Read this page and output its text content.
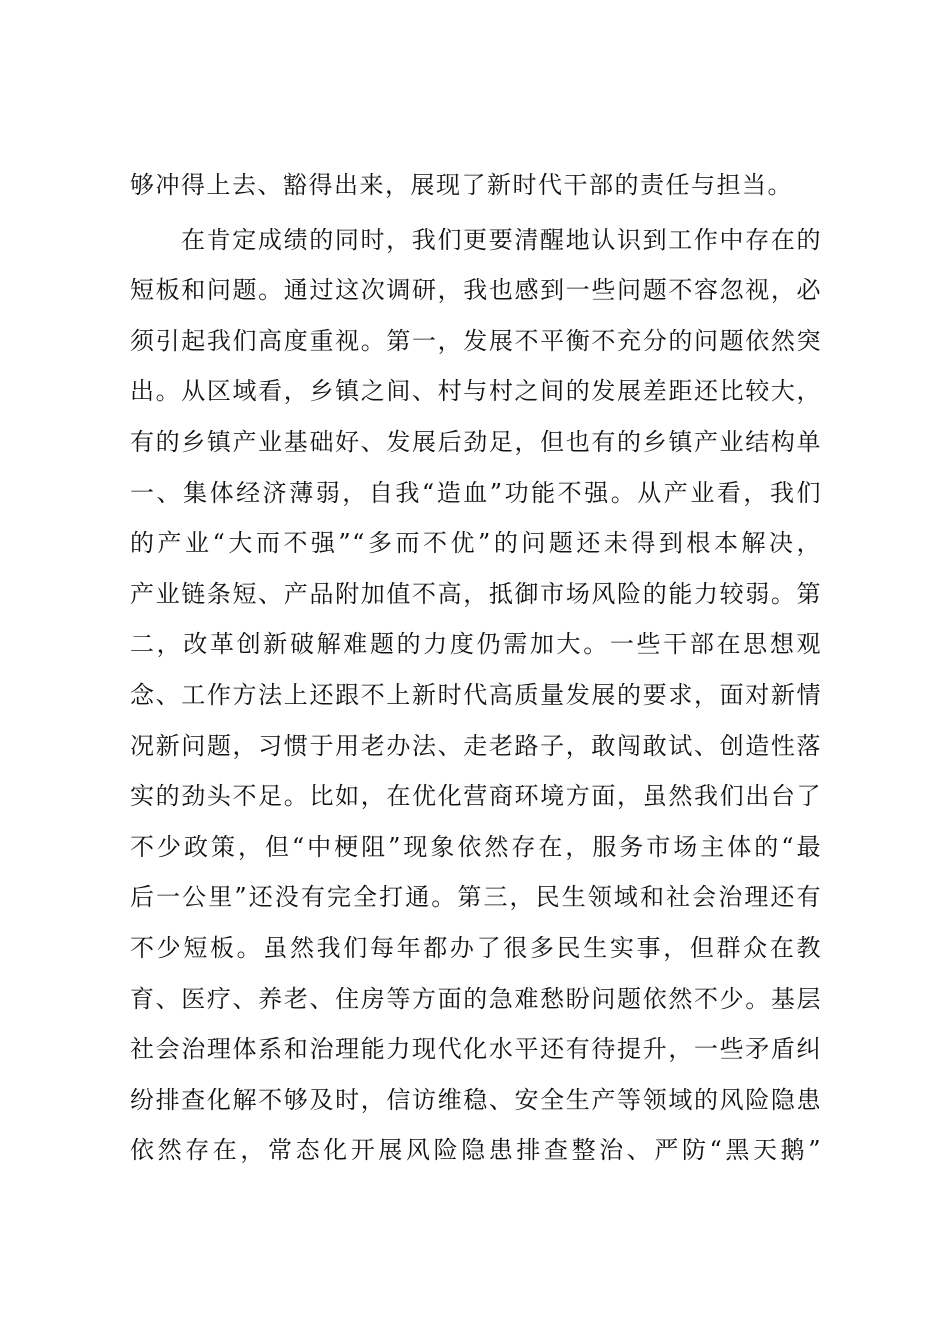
够冲得上去、豁得出来，展现了新时代干部的责任与担当。
在肯定成绩的同时，我们更要清醒地认识到工作中存在的
短板和问题。通过这次调研，我也感到一些问题不容忽视，必
须引起我们高度重视。第一，发展不平衡不充分的问题依然突
出。从区域看，乡镇之间、村与村之间的发展差距还比较大，
有的乡镇产业基础好、发展后劲足，但也有的乡镇产业结构单
一、集体经济薄弱，自我“造血”功能不强。从产业看，我们
的产业“大而不强”“多而不优”的问题还未得到根本解决，
产业链条短、产品附加值不高，抵御市场风险的能力较弱。第
二，改革创新破解难题的力度仍需加大。一些干部在思想观
念、工作方法上还跟不上新时代高质量发展的要求，面对新情
况新问题，习惯于用老办法、走老路子，敢闯敢试、创造性落
实的劲头不足。比如，在优化营商环境方面，虽然我们出台了
不少政策，但“中梗阻”现象依然存在，服务市场主体的“最
后一公里”还没有完全打通。第三，民生领域和社会治理还有
不少短板。虽然我们每年都办了很多民生实事，但群众在教
育、医疗、养老、住房等方面的急难愁盼问题依然不少。基层
社会治理体系和治理能力现代化水平还有待提升，一些矛盾纠
纷排查化解不够及时，信访维稳、安全生产等领域的风险隐患
依然存在，常态化开展风险隐患排查整治、严防“黑天鹅”
